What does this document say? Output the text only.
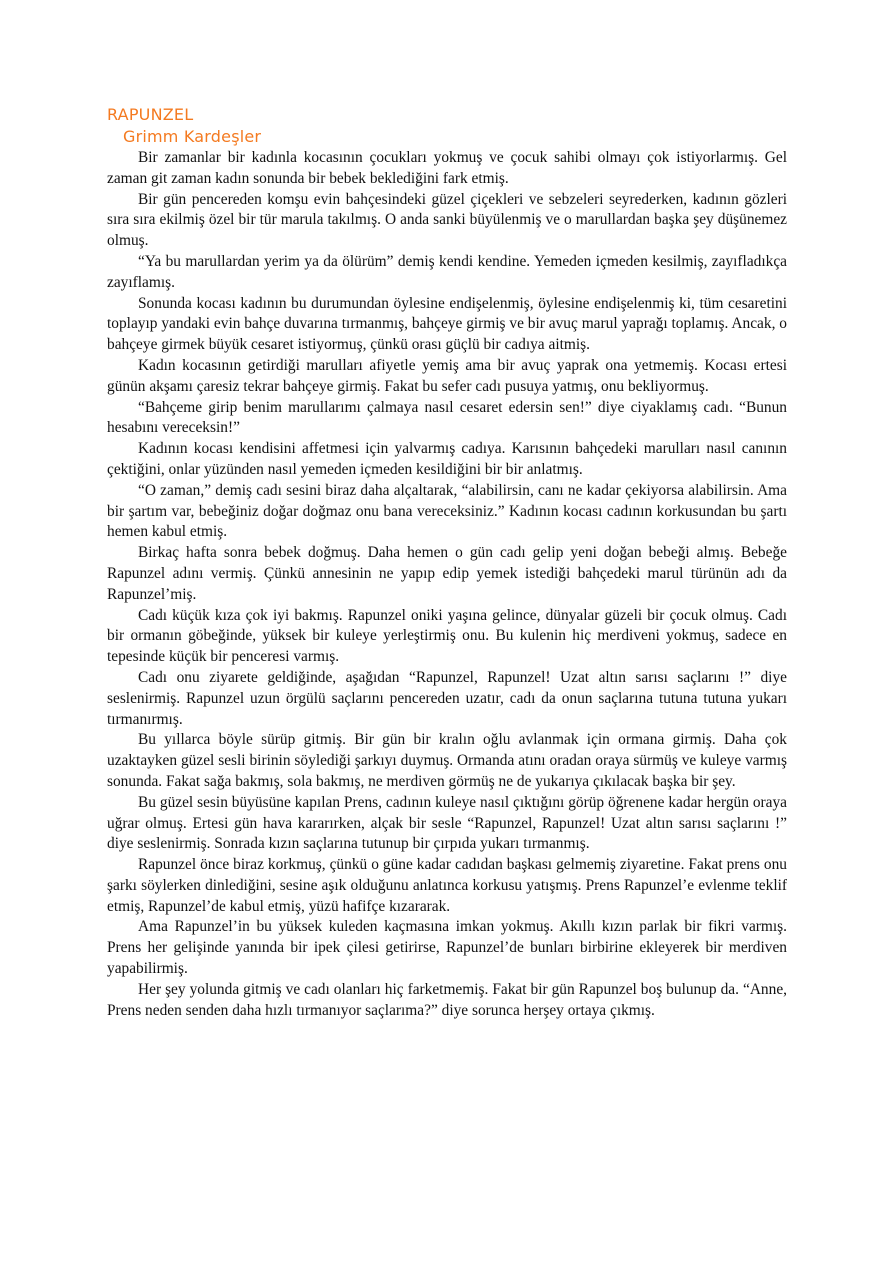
RAPUNZEL
Grimm Kardeşler

Bir zamanlar bir kadınla kocasının çocukları yokmuş ve çocuk sahibi olmayı çok istiyorlarmış. Gel zaman git zaman kadın sonunda bir bebek beklediğini fark etmiş.

Bir gün pencereden komşu evin bahçesindeki güzel çiçekleri ve sebzeleri seyrederken, kadının gözleri sıra sıra ekilmiş özel bir tür marula takılmış. O anda sanki büyülenmiş ve o marullardan başka şey düşünemez olmuş.

“Ya bu marullardan yerim ya da ölürüm” demiş kendi kendine. Yemeden içmeden kesilmiş, zayıfladıkça zayıflamış.

Sonunda kocası kadının bu durumundan öylesine endişelenmiş, öylesine endişelenmiş ki, tüm cesaretini toplayıp yandaki evin bahçe duvarına tırmanmış, bahçeye girmiş ve bir avuç marul yaprağı toplamış. Ancak, o bahçeye girmek büyük cesaret istiyormuş, çünkü orası güçlü bir cadıya aitmiş.

Kadın kocasının getirdiği marulları afiyetle yemiş ama bir avuç yaprak ona yetmemiş. Kocası ertesi günün akşamı çaresiz tekrar bahçeye girmiş. Fakat bu sefer cadı pusuya yatmış, onu bekliyormuş.

“Bahçeme girip benim marullarımı çalmaya nasıl cesaret edersin sen!” diye ciyaklamış cadı. “Bunun hesabını vereceksin!”

Kadının kocası kendisini affetmesi için yalvarmış cadıya. Karısının bahçedeki marulları nasıl canının çektiğini, onlar yüzünden nasıl yemeden içmeden kesildiğini bir bir anlatmış.

“O zaman,” demiş cadı sesini biraz daha alçaltarak, “alabilirsin, canı ne kadar çekiyorsa alabilirsin. Ama bir şartım var, bebeğiniz doğar doğmaz onu bana vereceksiniz.” Kadının kocası cadının korkusundan bu şartı hemen kabul etmiş.

Birkaç hafta sonra bebek doğmuş. Daha hemen o gün cadı gelip yeni doğan bebeği almış. Bebeğe Rapunzel adını vermiş. Çünkü annesinin ne yapıp edip yemek istediği bahçedeki marul türünün adı da Rapunzel’miş.

Cadı küçük kıza çok iyi bakmış. Rapunzel oniki yaşına gelince, dünyalar güzeli bir çocuk olmuş. Cadı bir ormanın göbeğinde, yüksek bir kuleye yerleştirmiş onu. Bu kulenin hiç merdiveni yokmuş, sadece en tepesinde küçük bir penceresi varmış.

Cadı onu ziyarete geldiğinde, aşağıdan “Rapunzel, Rapunzel! Uzat altın sarısı saçlarını !” diye seslenirmiş. Rapunzel uzun örgülü saçlarını pencereden uzatır, cadı da onun saçlarına tutuna tutuna yukarı tırmanırmış.

Bu yıllarca böyle sürüp gitmiş. Bir gün bir kralın oğlu avlanmak için ormana girmiş. Daha çok uzaktayken güzel sesli birinin söylediği şarkıyı duymuş. Ormanda atını oradan oraya sürmüş ve kuleye varmış sonunda. Fakat sağa bakmış, sola bakmış, ne merdiven görmüş ne de yukarıya çıkılacak başka bir şey.

Bu güzel sesin büyüsüne kapılan Prens, cadının kuleye nasıl çıktığını görüp öğrenene kadar hergün oraya uğrar olmuş. Ertesi gün hava kararırken, alçak bir sesle “Rapunzel, Rapunzel! Uzat altın sarısı saçlarını !” diye seslenirmiş. Sonrada kızın saçlarına tutunup bir çırpıda yukarı tırmanmış.

Rapunzel önce biraz korkmuş, çünkü o güne kadar cadıdan başkası gelmemiş ziyaretine. Fakat prens onu şarkı söylerken dinlediğini, sesine aşık olduğunu anlatınca korkusu yatışmış. Prens Rapunzel’e evlenme teklif etmiş, Rapunzel’de kabul etmiş, yüzü hafifçe kızararak.

Ama Rapunzel’in bu yüksek kuleden kaçmasına imkan yokmuş. Akıllı kızın parlak bir fikri varmış. Prens her gelişinde yanında bir ipek çilesi getirirse, Rapunzel’de bunları birbirine ekleyerek bir merdiven yapabilirmiş.

Her şey yolunda gitmiş ve cadı olanları hiç farketmemiş. Fakat bir gün Rapunzel boş bulunup da. “Anne, Prens neden senden daha hızlı tırmanıyor saçlarıma?” diye sorunca herşey ortaya çıkmış.
